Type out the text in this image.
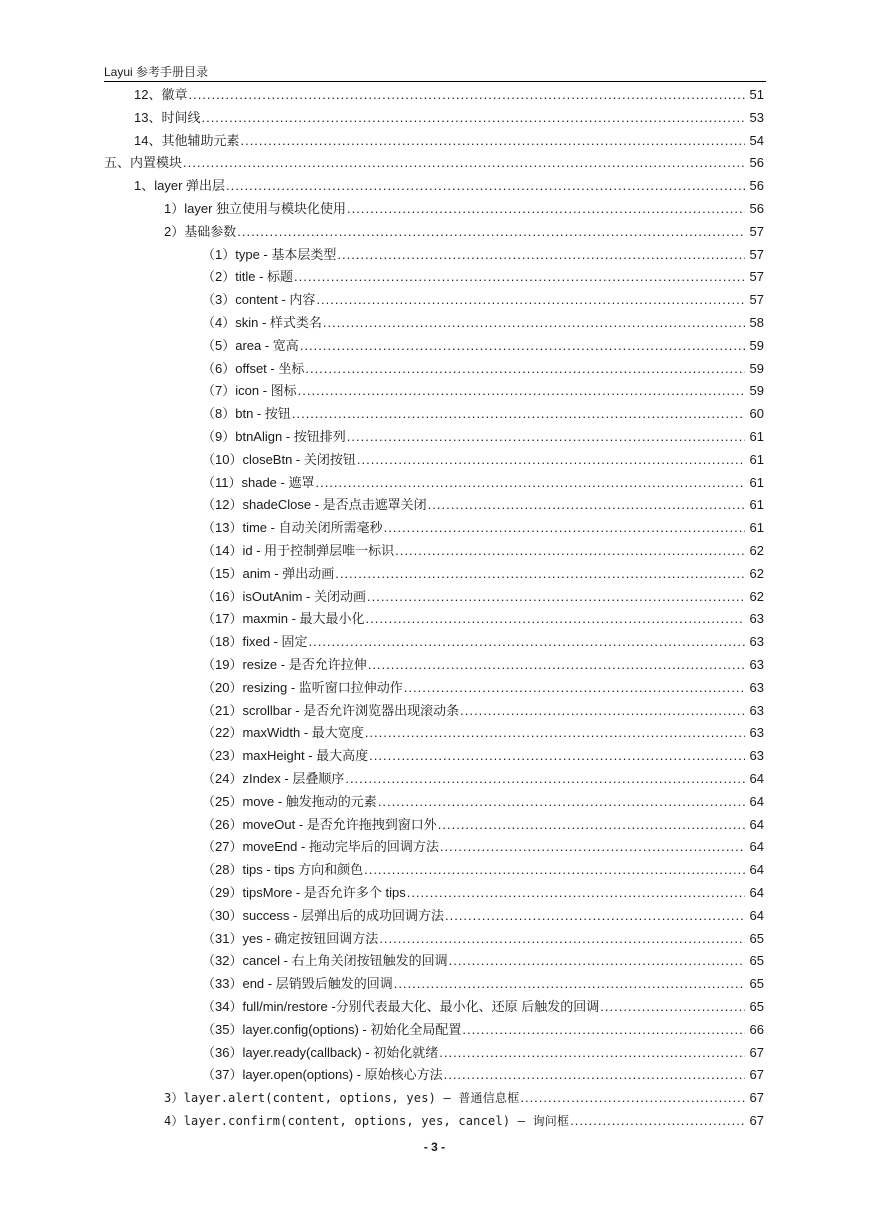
Layui 参考手册目录
12、徽章 .....	51
13、时间线 .....	53
14、其他辅助元素 .....	54
五、内置模块 .....	56
1、layer 弹出层 .....	56
1）layer 独立使用与模块化使用 .....	56
2）基础参数 .....	57
（1）type - 基本层类型 .....	57
（2）title - 标题 .....	57
（3）content - 内容 .....	57
（4）skin - 样式类名 .....	58
（5）area - 宽高 .....	59
（6）offset - 坐标 .....	59
（7）icon - 图标 .....	59
（8）btn - 按钮 .....	60
（9）btnAlign - 按钮排列 .....	61
（10）closeBtn - 关闭按钮 .....	61
（11）shade - 遮罩 .....	61
（12）shadeClose - 是否点击遮罩关闭 .....	61
（13）time - 自动关闭所需毫秒 .....	61
（14）id - 用于控制弹层唯一标识 .....	62
（15）anim - 弹出动画 .....	62
（16）isOutAnim - 关闭动画 .....	62
（17）maxmin - 最大最小化 .....	63
（18）fixed - 固定 .....	63
（19）resize - 是否允许拉伸 .....	63
（20）resizing - 监听窗口拉伸动作 .....	63
（21）scrollbar - 是否允许浏览器出现滚动条 .....	63
（22）maxWidth - 最大宽度 .....	63
（23）maxHeight - 最大高度 .....	63
（24）zIndex - 层叠顺序 .....	64
（25）move - 触发拖动的元素 .....	64
（26）moveOut - 是否允许拖拽到窗口外 .....	64
（27）moveEnd - 拖动完毕后的回调方法 .....	64
（28）tips - tips 方向和颜色 .....	64
（29）tipsMore - 是否允许多个 tips .....	64
（30）success - 层弹出后的成功回调方法 .....	64
（31）yes - 确定按钮回调方法 .....	65
（32）cancel - 右上角关闭按钮触发的回调 .....	65
（33）end - 层销毁后触发的回调 .....	65
（34）full/min/restore -分别代表最大化、最小化、还原 后触发的回调 .....	65
（35）layer.config(options) - 初始化全局配置 .....	66
（36）layer.ready(callback) - 初始化就绪 .....	67
（37）layer.open(options) - 原始核心方法 .....	67
3）layer.alert(content, options, yes) – 普通信息框 .....	67
4）layer.confirm(content, options, yes, cancel) – 询问框 .....	67
- 3 -
